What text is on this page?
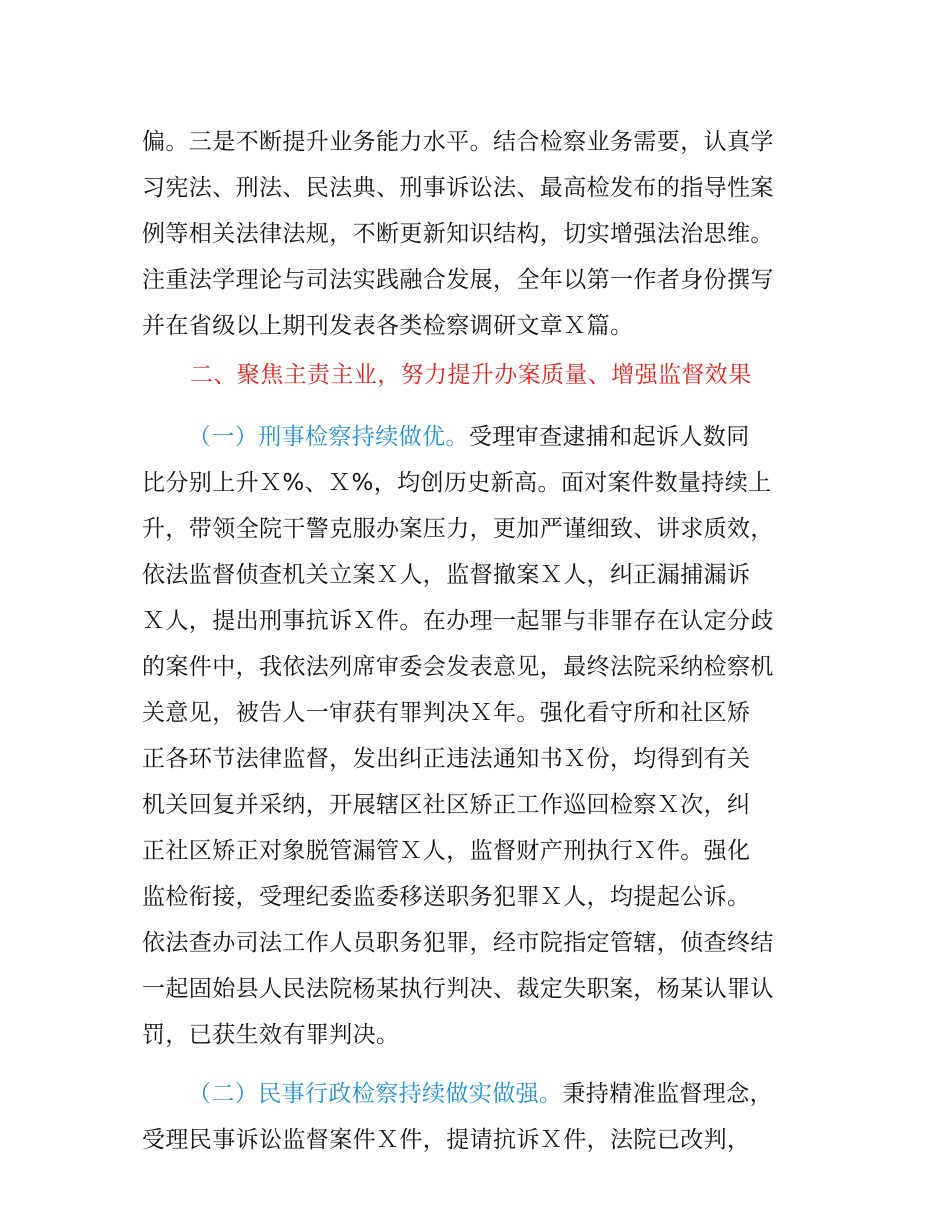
偏。三是不断提升业务能力水平。结合检察业务需要，认真学
习宪法、刑法、民法典、刑事诉讼法、最高检发布的指导性案
例等相关法律法规，不断更新知识结构，切实增强法治思维。
注重法学理论与司法实践融合发展，全年以第一作者身份撰写
并在省级以上期刊发表各类检察调研文章Ｘ篇。
二、聚焦主责主业，努力提升办案质量、增强监督效果
（一）刑事检察持续做优。受理审查逮捕和起诉人数同
比分别上升Ｘ%、Ｘ%，均创历史新高。面对案件数量持续上
升，带领全院干警克服办案压力，更加严谨细致、讲求质效，
依法监督侦查机关立案Ｘ人，监督撤案Ｘ人，纠正漏捕漏诉
Ｘ人，提出刑事抗诉Ｘ件。在办理一起罪与非罪存在认定分歧
的案件中，我依法列席审委会发表意见，最终法院采纳检察机
关意见，被告人一审获有罪判决Ｘ年。强化看守所和社区矫
正各环节法律监督，发出纠正违法通知书Ｘ份，均得到有关
机关回复并采纳，开展辖区社区矫正工作巡回检察Ｘ次，纠
正社区矫正对象脱管漏管Ｘ人，监督财产刑执行Ｘ件。强化
监检衔接，受理纪委监委移送职务犯罪Ｘ人，均提起公诉。
依法查办司法工作人员职务犯罪，经市院指定管辖，侦查终结
一起固始县人民法院杨某执行判决、裁定失职案，杨某认罪认
罚，已获生效有罪判决。
（二）民事行政检察持续做实做强。秉持精准监督理念，
受理民事诉讼监督案件Ｘ件，提请抗诉Ｘ件，法院已改判，
